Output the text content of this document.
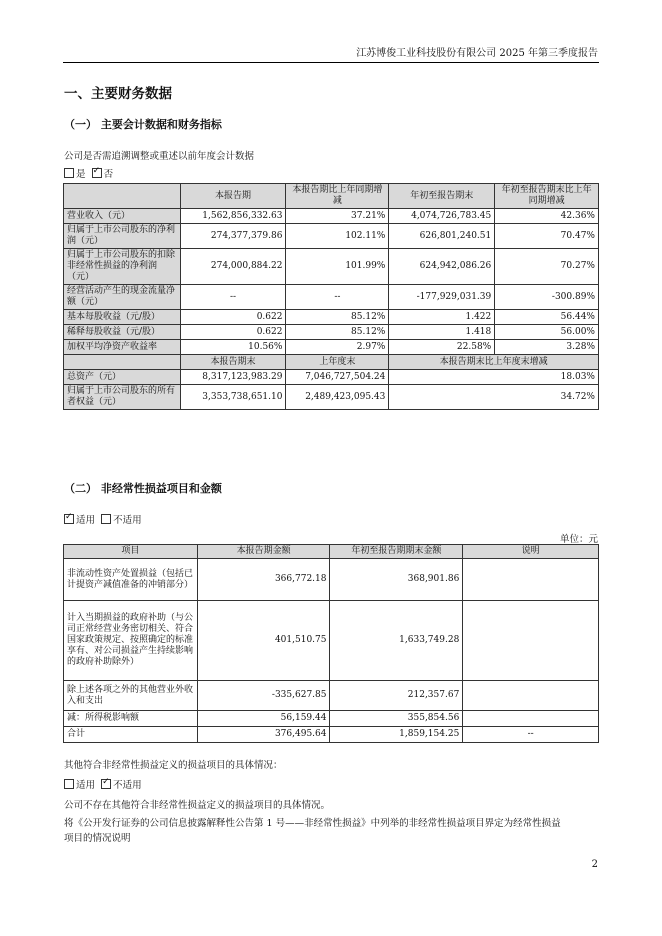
江苏博俊工业科技股份有限公司 2025 年第三季度报告
一、主要财务数据
（一） 主要会计数据和财务指标
公司是否需追溯调整或重述以前年度会计数据
是 ✓ 否
	本报告期	本报告期比上年同期增减	年初至报告期末	年初至报告期末比上年同期增减
营业收入（元）	1,562,856,332.63	37.21%	4,074,726,783.45	42.36%
归属于上市公司股东的净利润（元）	274,377,379.86	102.11%	626,801,240.51	70.47%
归属于上市公司股东的扣除非经常性损益的净利润（元）	274,000,884.22	101.99%	624,942,086.26	70.27%
经营活动产生的现金流量净额（元）	--	--	-177,929,031.39	-300.89%
基本每股收益（元/股）	0.622	85.12%	1.422	56.44%
稀释每股收益（元/股）	0.622	85.12%	1.418	56.00%
加权平均净资产收益率	10.56%	2.97%	22.58%	3.28%
	本报告期末	上年度末	本报告期末比上年度末增减	
总资产（元）	8,317,123,983.29	7,046,727,504.24	18.03%	
归属于上市公司股东的所有者权益（元）	3,353,738,651.10	2,489,423,095.43	34.72%	
（二） 非经常性损益项目和金额
✓适用 不适用
单位：元
项目	本报告期金额	年初至报告期期末金额	说明
非流动性资产处置损益（包括已计提资产减值准备的冲销部分）	366,772.18	368,901.86	
计入当期损益的政府补助（与公司正常经营业务密切相关、符合国家政策规定、按照确定的标准享有、对公司损益产生持续影响的政府补助除外）	401,510.75	1,633,749.28	
除上述各项之外的其他营业外收入和支出	-335,627.85	212,357.67	
减：所得税影响额	56,159.44	355,854.56	
合计	376,495.64	1,859,154.25	--
其他符合非经常性损益定义的损益项目的具体情况：
适用 ✓ 不适用
公司不存在其他符合非经常性损益定义的损益项目的具体情况。
将《公开发行证券的公司信息披露解释性公告第 1 号——非经常性损益》中列举的非经常性损益项目界定为经常性损益
项目的情况说明
2
